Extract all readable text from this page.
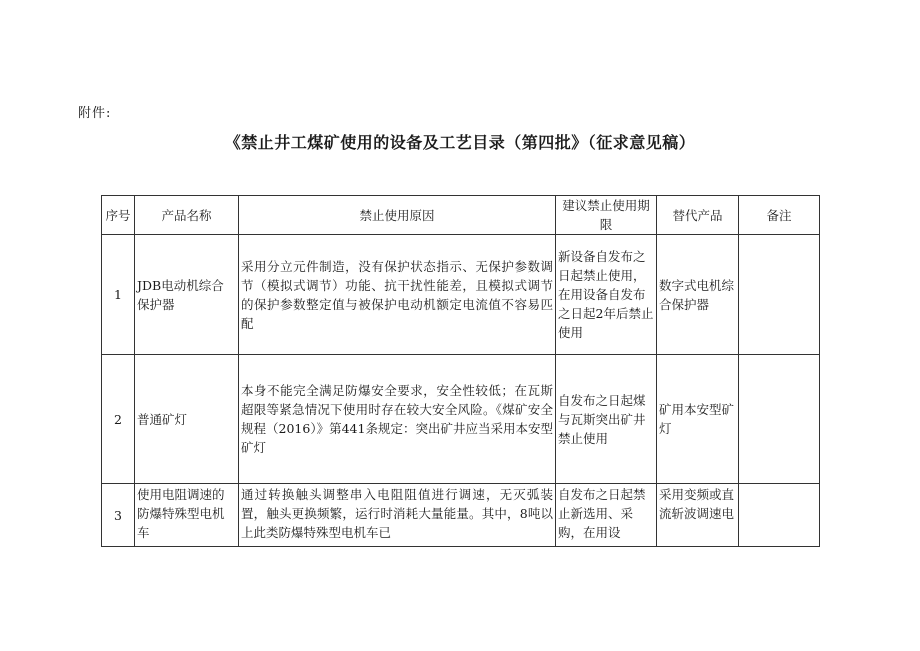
附件:
《禁止井工煤矿使用的设备及工艺目录（第四批》（征求意见稿）
序号	产品名称	禁止使用原因	建议禁止使用期限	替代产品	备注
1	JDB电动机综合保护器	采用分立元件制造，没有保护状态指示、无保护参数调节（模拟式调节）功能、抗干扰性能差，且模拟式调节的保护参数整定值与被保护电动机额定电流值不容易匹配	新设备自发布之日起禁止使用，在用设备自发布之日起2年后禁止使用	数字式电机综合保护器	
2	普通矿灯	本身不能完全满足防爆安全要求，安全性较低；在瓦斯超限等紧急情况下使用时存在较大安全风险。《煤矿安全规程（2016）》第441条规定：突出矿井应当采用本安型矿灯	自发布之日起煤与瓦斯突出矿井禁止使用	矿用本安型矿灯	
3	使用电阻调速的防爆特殊型电机车	通过转换触头调整串入电阻阻值进行调速，无灭弧装置，触头更换频繁，运行时消耗大量能量。其中，8吨以上此类防爆特殊型电机车已	自发布之日起禁止新选用、采购，在用设	采用变频或直流斩波调速电	
